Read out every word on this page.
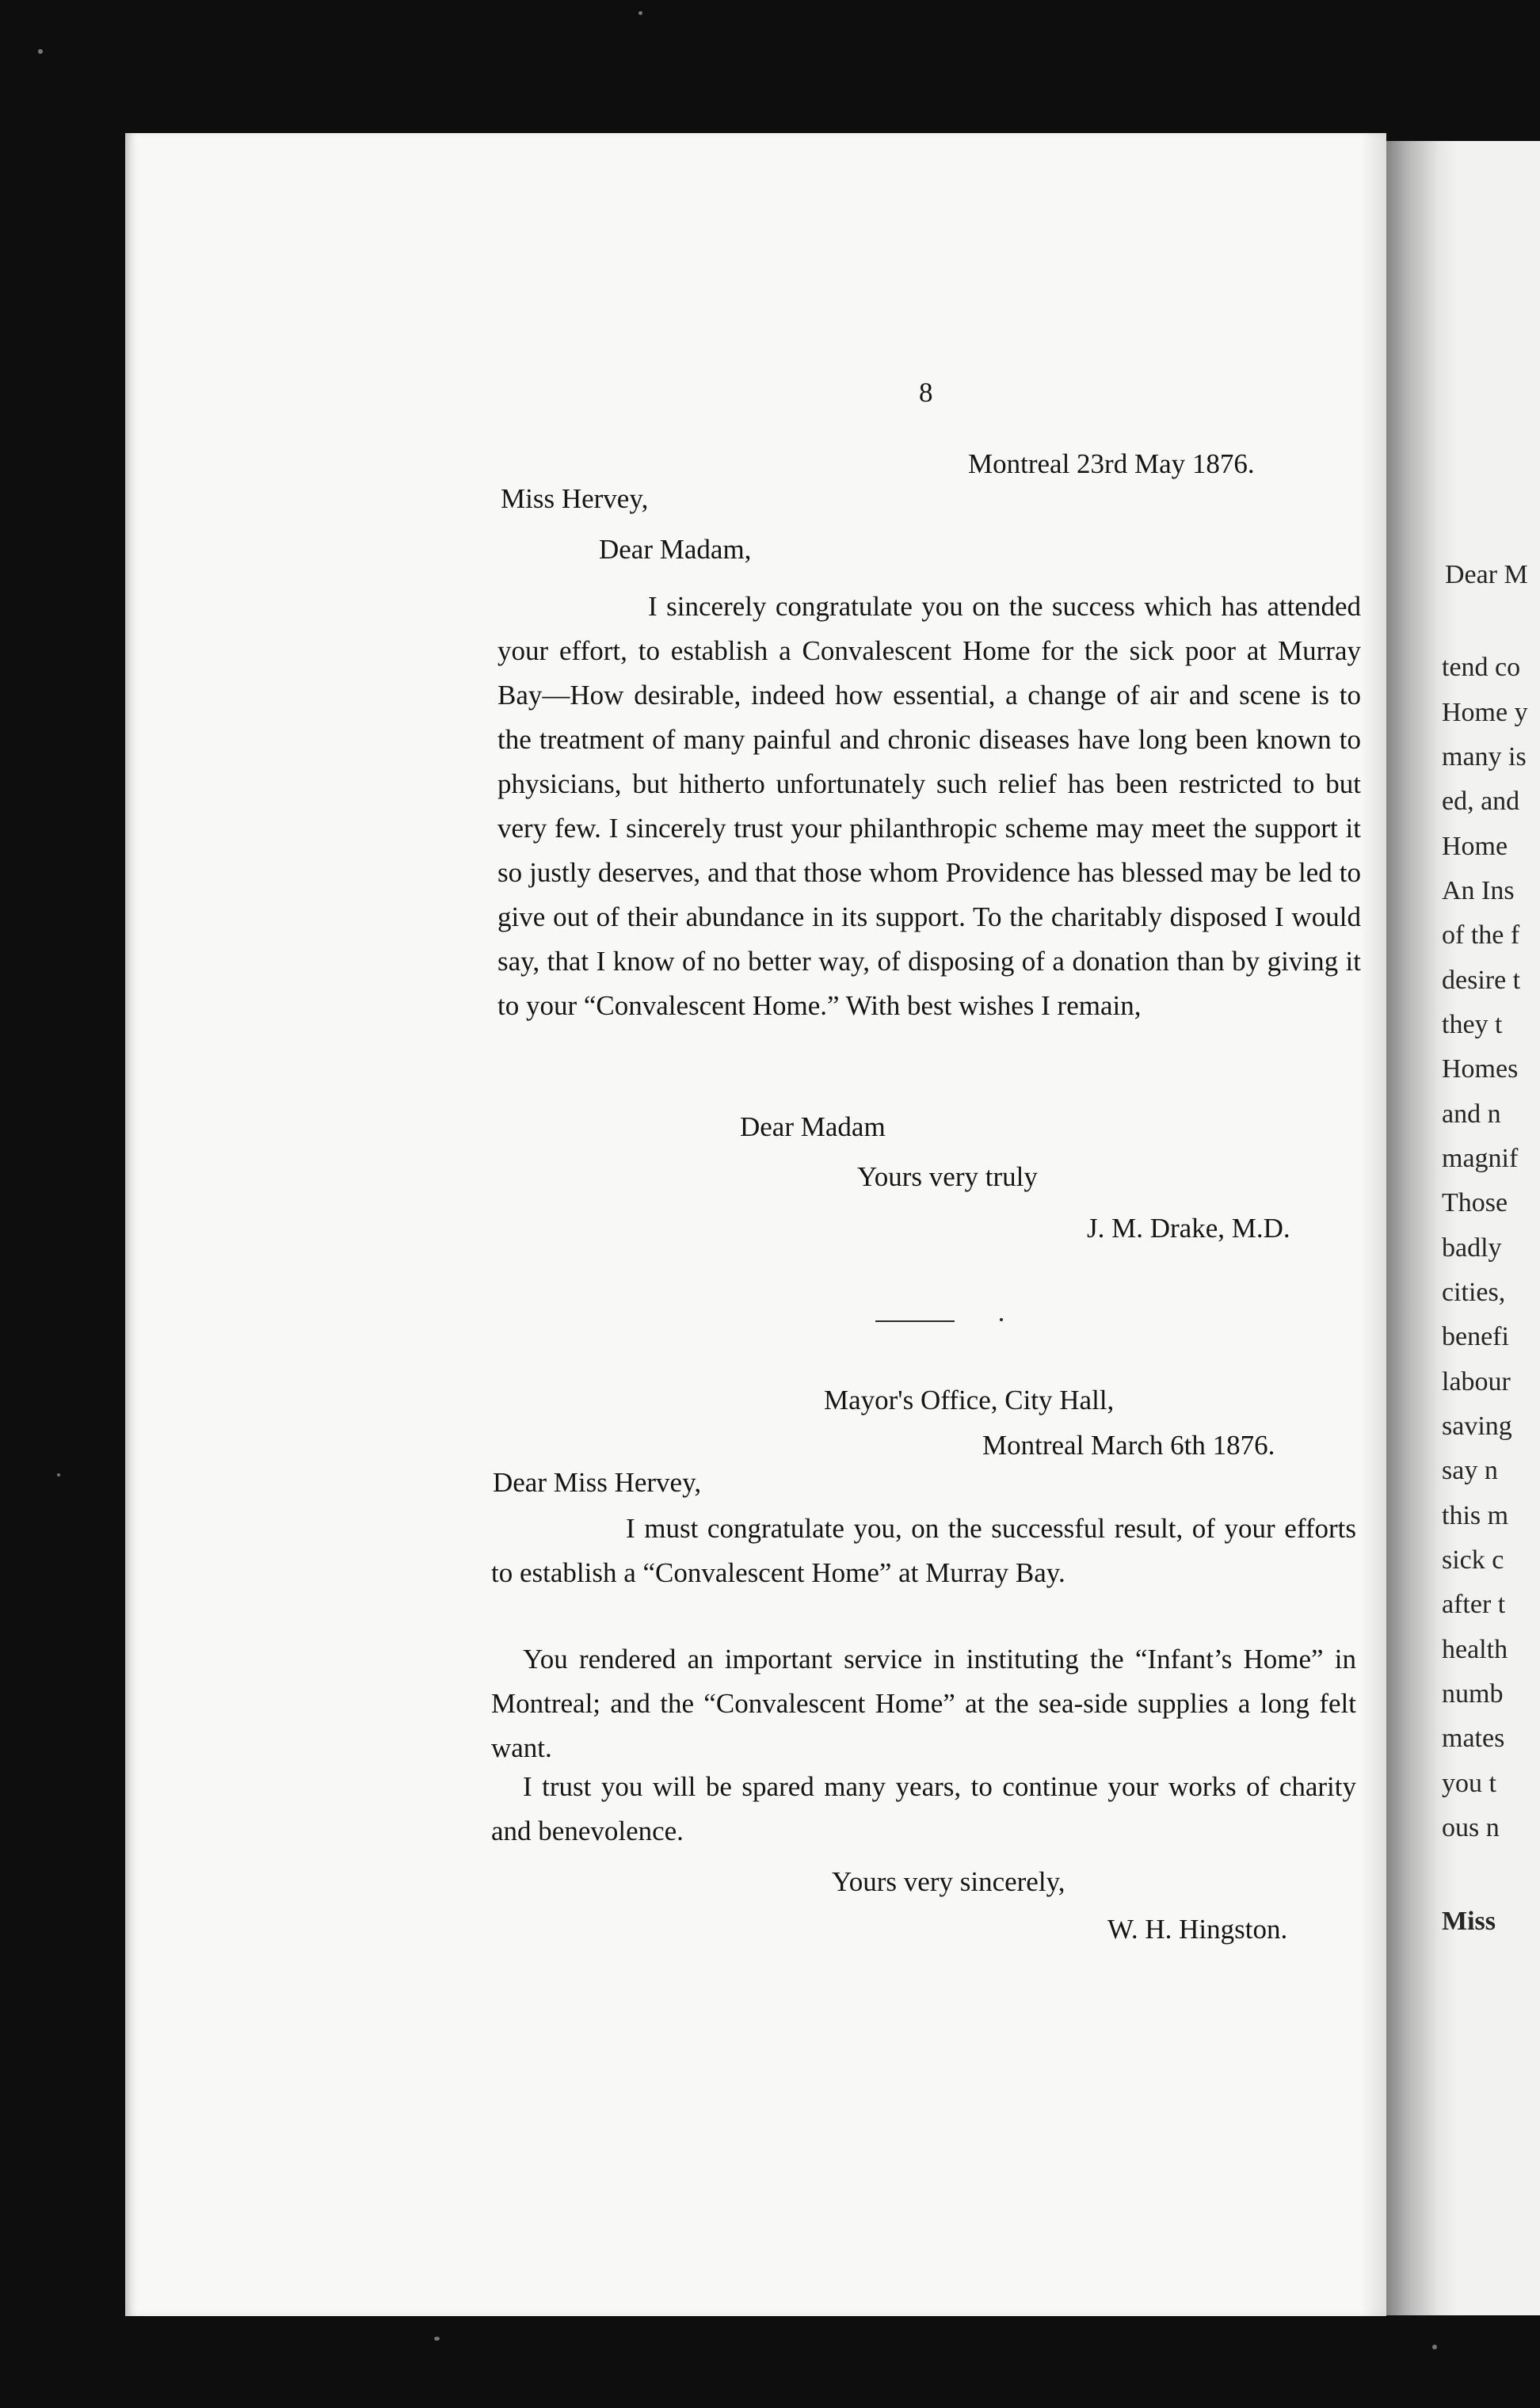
Dear M
tend co
Home y
many is
ed, and
Home
An Ins
of the f
desire t
they t
Homes
and n
magnif
Those
badly
cities,
benefi
labour
saving
say n
this m
sick c
after t
health
numb
mates
you t
ous n
Miss
8
Montreal 23rd May 1876.
Miss Hervey,
Dear Madam,
I sincerely congratulate you on the success which has attended your effort, to establish a Convalescent Home for the sick poor at Murray Bay—How desirable, indeed how essential, a change of air and scene is to the treatment of many painful and chronic diseases have long been known to physicians, but hitherto unfortunately such relief has been restricted to but very few. I sincerely trust your philanthropic scheme may meet the support it so justly deserves, and that those whom Providence has blessed may be led to give out of their abundance in its support. To the charitably disposed I would say, that I know of no better way, of disposing of a donation than by giving it to your “Convalescent Home.” With best wishes I remain,
Dear Madam
Yours very truly
J. M. Drake, M.D.
Mayor's Office, City Hall,
Montreal March 6th 1876.
Dear Miss Hervey,
I must congratulate you, on the successful result, of your efforts to establish a “Convalescent Home” at Murray Bay.
You rendered an important service in instituting the “Infant’s Home” in Montreal; and the “Convalescent Home” at the sea-side supplies a long felt want.
I trust you will be spared many years, to continue your works of charity and benevolence.
Yours very sincerely,
W. H. Hingston.
